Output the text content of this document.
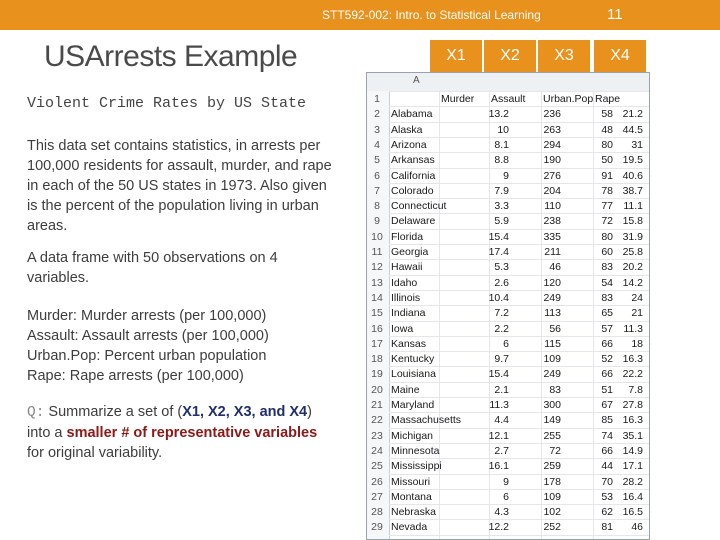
STT592-002: Intro. to Statistical Learning	11
USArrests Example
Violent Crime Rates by US State
This data set contains statistics, in arrests per 100,000 residents for assault, murder, and rape in each of the 50 US states in 1973. Also given is the percent of the population living in urban areas.
A data frame with 50 observations on 4 variables.
Murder: Murder arrests (per 100,000)
Assault: Assault arrests (per 100,000)
Urban.Pop: Percent urban population
Rape: Rape arrests (per 100,000)
Q: Summarize a set of (X1, X2, X3, and X4) into a smaller # of representative variables for original variability.
X1	X2	X3	X4
A
1	Murder	Assault	Urban.Pop Rape
2	Alabama	13.2	236	58 21.2
3	Alaska	10	263	48 44.5
4	Arizona	8.1	294	80	31
5	Arkansas	8.8	190	50 19.5
6	California	9	276	91 40.6
7	Colorado	7.9	204	78 38.7
8	Connecticut	3.3	110	77 11.1
9	Delaware	5.9	238	72 15.8
10 Florida	15.4	335	80 31.9
11 Georgia	17.4	211	60 25.8
12 Hawaii	5.3	46	83 20.2
13 Idaho	2.6	120	54 14.2
14 Illinois	10.4	249	83	24
15 Indiana	7.2	113	65	21
16 Iowa	2.2	56	57 11.3
17 Kansas	6	115	66	18
18 Kentucky	9.7	109	52 16.3
19 Louisiana	15.4	249	66 22.2
20 Maine	2.1	83	51	7.8
21 Maryland	11.3	300	67 27.8
22 Massachusetts	4.4	149	85 16.3
23 Michigan	12.1	255	74 35.1
24 Minnesota	2.7	72	66 14.9
25 Mississippi	16.1	259	44 17.1
26 Missouri	9	178	70 28.2
27 Montana	6	109	53 16.4
28 Nebraska	4.3	102	62 16.5
29 Nevada	12.2	252	81	46
